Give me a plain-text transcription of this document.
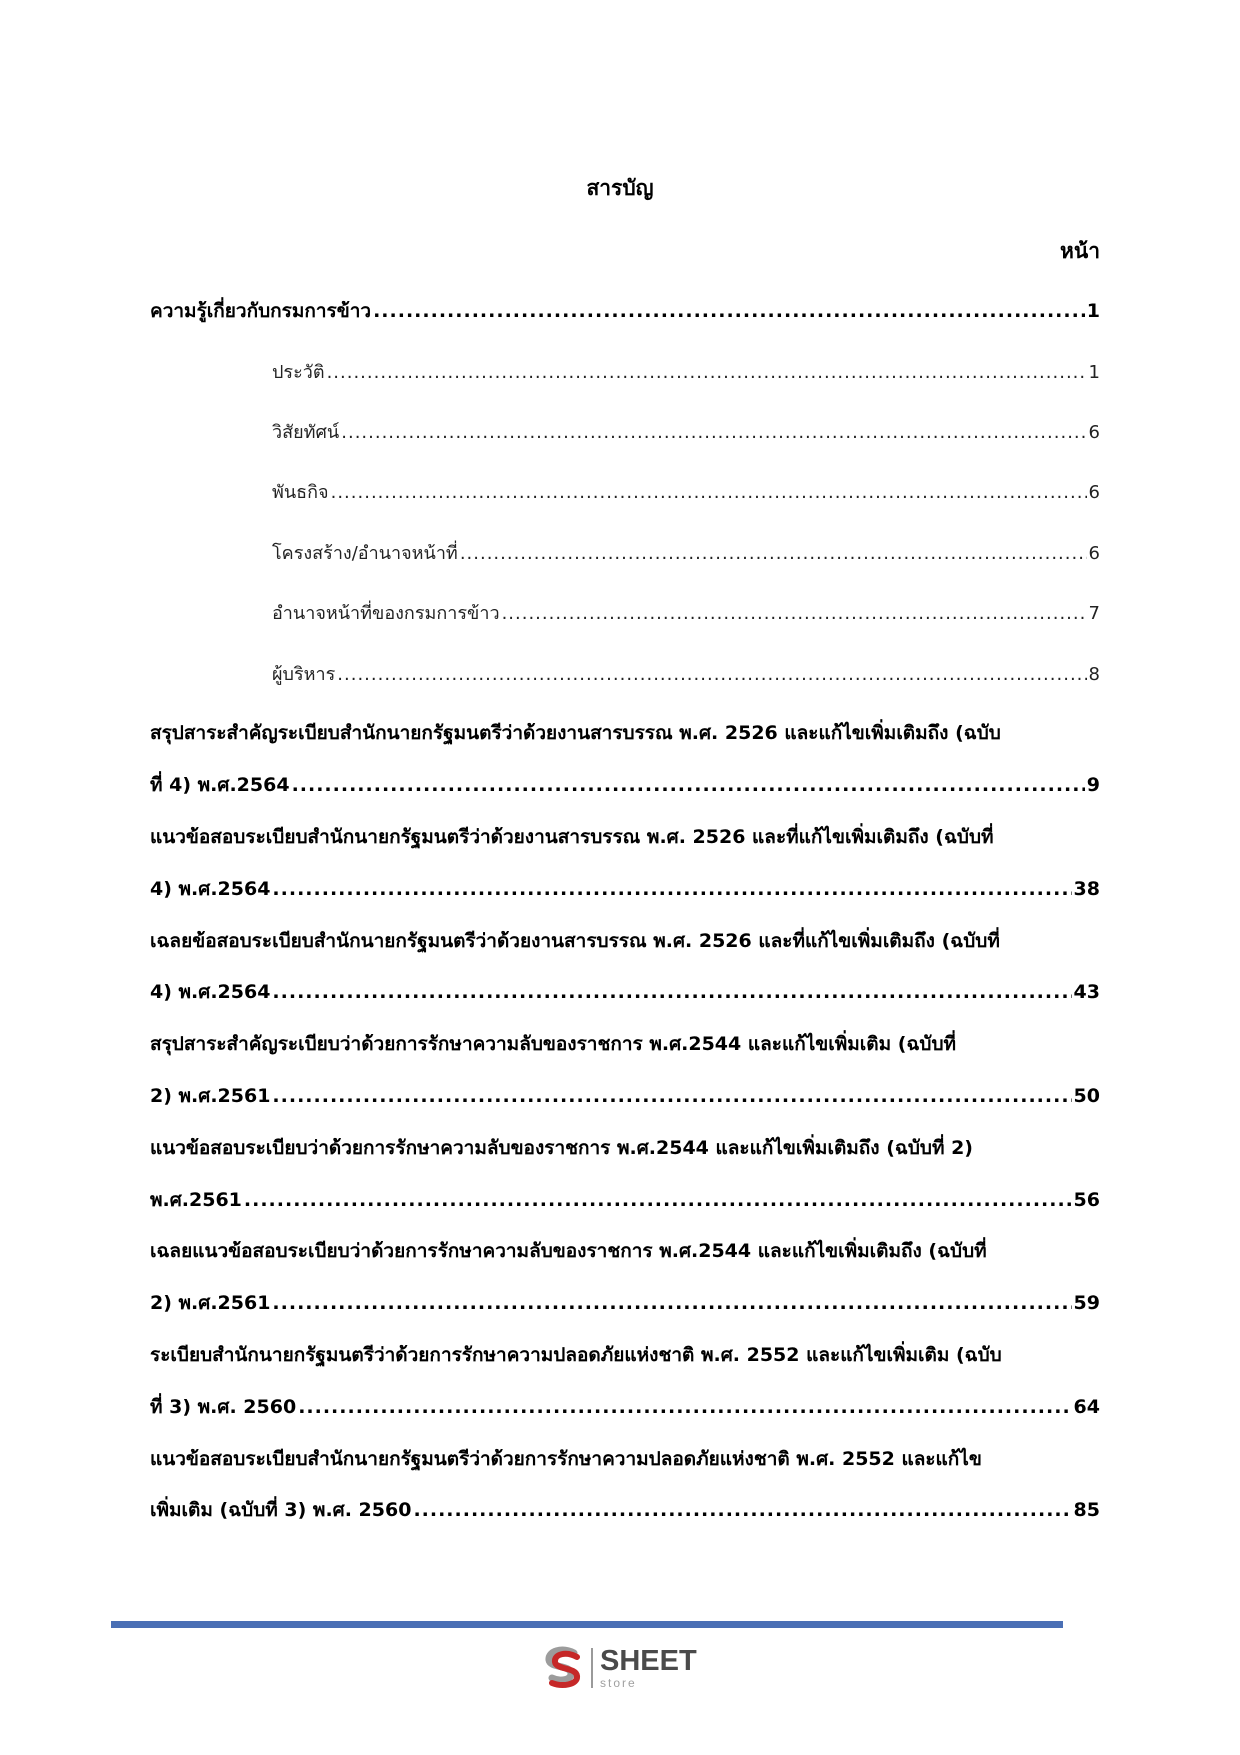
สารบัญ
หน้า
ความรู้เกี่ยวกับกรมการข้าว .....	1
ประวัติ .....	1
วิสัยทัศน์ .....	6
พันธกิจ .....	6
โครงสร้าง/อำนาจหน้าที่ .....	6
อำนาจหน้าที่ของกรมการข้าว .....	7
ผู้บริหาร .....	8
สรุปสาระสำคัญระเบียบสำนักนายกรัฐมนตรีว่าด้วยงานสารบรรณ พ.ศ. 2526 และแก้ไขเพิ่มเติมถึง (ฉบับ
ที่ 4) พ.ศ.2564 .....	9
แนวข้อสอบระเบียบสำนักนายกรัฐมนตรีว่าด้วยงานสารบรรณ พ.ศ. 2526 และที่แก้ไขเพิ่มเติมถึง (ฉบับที่
4) พ.ศ.2564 .....	38
เฉลยข้อสอบระเบียบสำนักนายกรัฐมนตรีว่าด้วยงานสารบรรณ พ.ศ. 2526 และที่แก้ไขเพิ่มเติมถึง (ฉบับที่
4) พ.ศ.2564 .....	43
สรุปสาระสำคัญระเบียบว่าด้วยการรักษาความลับของราชการ พ.ศ.2544 และแก้ไขเพิ่มเติม (ฉบับที่
2) พ.ศ.2561 .....	50
แนวข้อสอบระเบียบว่าด้วยการรักษาความลับของราชการ พ.ศ.2544 และแก้ไขเพิ่มเติมถึง (ฉบับที่ 2)
พ.ศ.2561 .....	56
เฉลยแนวข้อสอบระเบียบว่าด้วยการรักษาความลับของราชการ พ.ศ.2544 และแก้ไขเพิ่มเติมถึง (ฉบับที่
2) พ.ศ.2561 .....	59
ระเบียบสำนักนายกรัฐมนตรีว่าด้วยการรักษาความปลอดภัยแห่งชาติ พ.ศ. 2552 และแก้ไขเพิ่มเติม (ฉบับ
ที่ 3) พ.ศ. 2560 .....	64
แนวข้อสอบระเบียบสำนักนายกรัฐมนตรีว่าด้วยการรักษาความปลอดภัยแห่งชาติ พ.ศ. 2552 และแก้ไข
เพิ่มเติม (ฉบับที่ 3) พ.ศ. 2560 .....	85
SHEET
store
